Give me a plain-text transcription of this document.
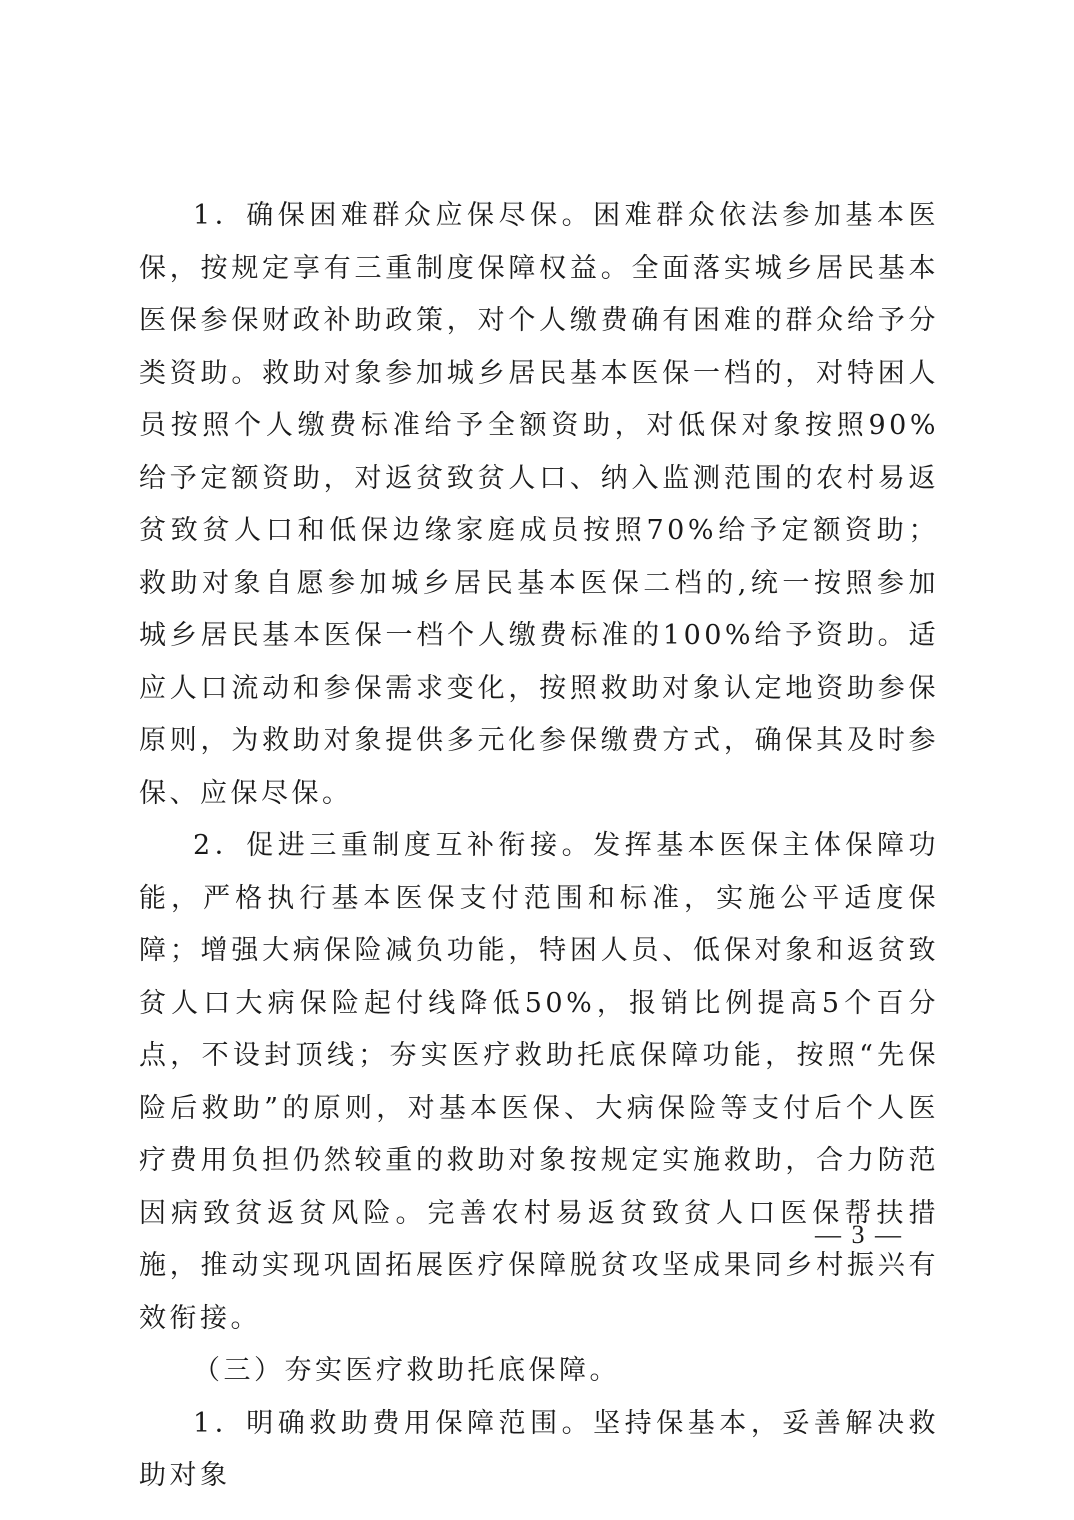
1．确保困难群众应保尽保。困难群众依法参加基本医保，按规定享有三重制度保障权益。全面落实城乡居民基本医保参保财政补助政策，对个人缴费确有困难的群众给予分类资助。救助对象参加城乡居民基本医保一档的，对特困人员按照个人缴费标准给予全额资助，对低保对象按照90%给予定额资助，对返贫致贫人口、纳入监测范围的农村易返贫致贫人口和低保边缘家庭成员按照70%给予定额资助；救助对象自愿参加城乡居民基本医保二档的,统一按照参加城乡居民基本医保一档个人缴费标准的100%给予资助。适应人口流动和参保需求变化，按照救助对象认定地资助参保原则，为救助对象提供多元化参保缴费方式，确保其及时参保、应保尽保。

2．促进三重制度互补衔接。发挥基本医保主体保障功能，严格执行基本医保支付范围和标准，实施公平适度保障；增强大病保险减负功能，特困人员、低保对象和返贫致贫人口大病保险起付线降低50%，报销比例提高5个百分点，不设封顶线；夯实医疗救助托底保障功能，按照“先保险后救助”的原则，对基本医保、大病保险等支付后个人医疗费用负担仍然较重的救助对象按规定实施救助，合力防范因病致贫返贫风险。完善农村易返贫致贫人口医保帮扶措施，推动实现巩固拓展医疗保障脱贫攻坚成果同乡村振兴有效衔接。

（三）夯实医疗救助托底保障。

1．明确救助费用保障范围。坚持保基本，妥善解决救助对象

— 3 —
